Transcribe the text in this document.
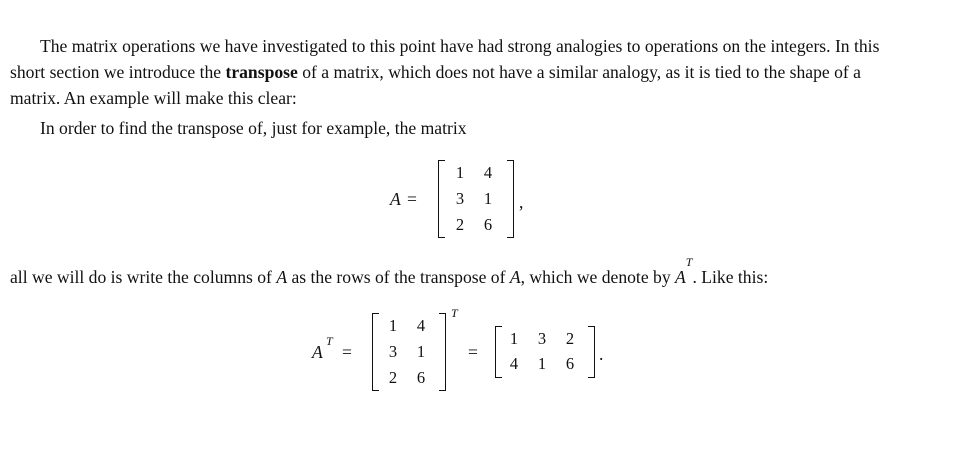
The matrix operations we have investigated to this point have had strong analogies to operations on the integers. In this short section we introduce the transpose of a matrix, which does not have a similar analogy, as it is tied to the shape of a matrix. An example will make this clear:
In order to find the transpose of, just for example, the matrix
A =
1 4
3 1
2 6
,
all we will do is write the columns of A as the rows of the transpose of A, which we denote by $A^T$. Like this:
A
T
=
1 4
3 1
2 6
T
=
1 3 2
4 1 6 .
